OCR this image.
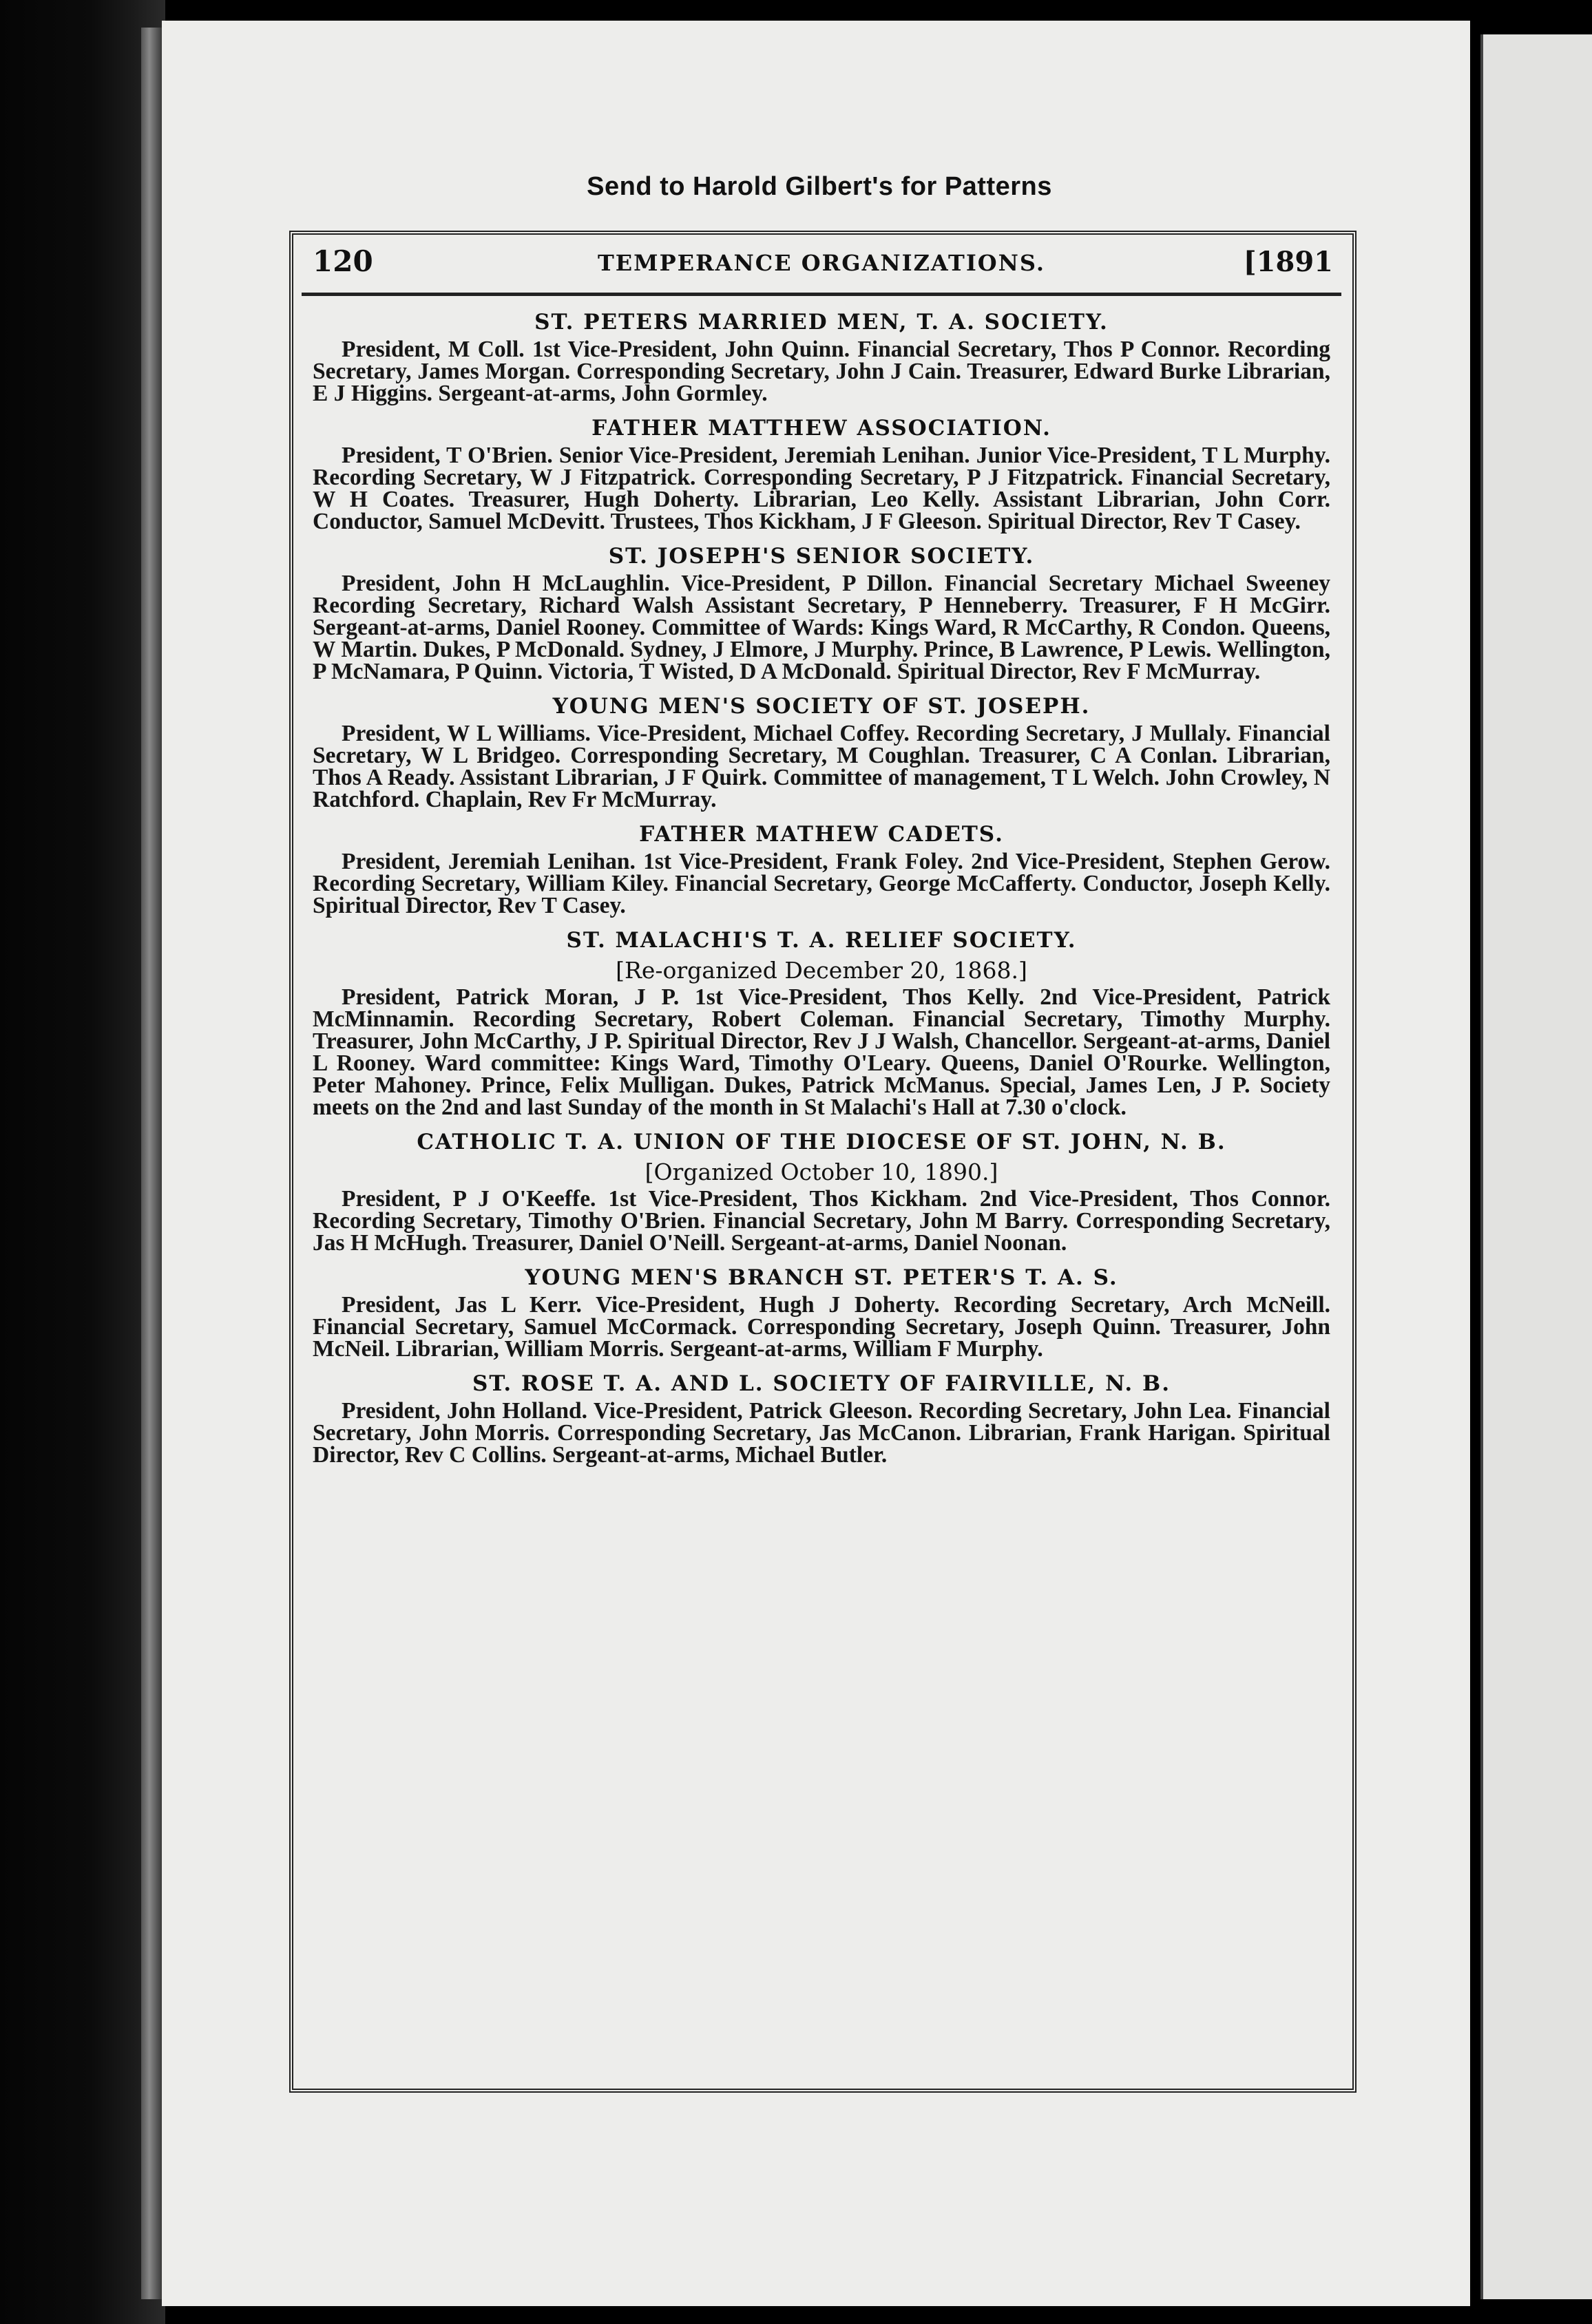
Send to Harold Gilbert's for Patterns
120	TEMPERANCE ORGANIZATIONS.	[1891
ST. PETERS MARRIED MEN, T. A. SOCIETY.
President, M Coll. 1st Vice-President, John Quinn. Financial Secretary, Thos P Connor. Recording Secretary, James Morgan. Corresponding Secretary, John J Cain. Treasurer, Edward Burke Librarian, E J Higgins. Sergeant-at-arms, John Gormley.
FATHER MATTHEW ASSOCIATION.
President, T O'Brien. Senior Vice-President, Jeremiah Lenihan. Junior Vice-President, T L Murphy. Recording Secretary, W J Fitzpatrick. Corresponding Secretary, P J Fitzpatrick. Financial Secretary, W H Coates. Treasurer, Hugh Doherty. Librarian, Leo Kelly. Assistant Librarian, John Corr. Conductor, Samuel McDevitt. Trustees, Thos Kickham, J F Gleeson. Spiritual Director, Rev T Casey.
ST. JOSEPH'S SENIOR SOCIETY.
President, John H McLaughlin. Vice-President, P Dillon. Financial Secretary Michael Sweeney Recording Secretary, Richard Walsh Assistant Secretary, P Henneberry. Treasurer, F H McGirr. Sergeant-at-arms, Daniel Rooney. Committee of Wards: Kings Ward, R McCarthy, R Condon. Queens, W Martin. Dukes, P McDonald. Sydney, J Elmore, J Murphy. Prince, B Lawrence, P Lewis. Wellington, P McNamara, P Quinn. Victoria, T Wisted, D A McDonald. Spiritual Director, Rev F McMurray.
YOUNG MEN'S SOCIETY OF ST. JOSEPH.
President, W L Williams. Vice-President, Michael Coffey. Recording Secretary, J Mullaly. Financial Secretary, W L Bridgeo. Corresponding Secretary, M Coughlan. Treasurer, C A Conlan. Librarian, Thos A Ready. Assistant Librarian, J F Quirk. Committee of management, T L Welch. John Crowley, N Ratchford. Chaplain, Rev Fr McMurray.
FATHER MATHEW CADETS.
President, Jeremiah Lenihan. 1st Vice-President, Frank Foley. 2nd Vice-President, Stephen Gerow. Recording Secretary, William Kiley. Financial Secretary, George McCafferty. Conductor, Joseph Kelly. Spiritual Director, Rev T Casey.
ST. MALACHI'S T. A. RELIEF SOCIETY.
[Re-organized December 20, 1868.]
President, Patrick Moran, J P. 1st Vice-President, Thos Kelly. 2nd Vice-President, Patrick McMinnamin. Recording Secretary, Robert Coleman. Financial Secretary, Timothy Murphy. Treasurer, John McCarthy, J P. Spiritual Director, Rev J J Walsh, Chancellor. Sergeant-at-arms, Daniel L Rooney. Ward committee: Kings Ward, Timothy O'Leary. Queens, Daniel O'Rourke. Wellington, Peter Mahoney. Prince, Felix Mulligan. Dukes, Patrick McManus. Special, James Len, J P. Society meets on the 2nd and last Sunday of the month in St Malachi's Hall at 7.30 o'clock.
CATHOLIC T. A. UNION OF THE DIOCESE OF ST. JOHN, N. B.
[Organized October 10, 1890.]
President, P J O'Keeffe. 1st Vice-President, Thos Kickham. 2nd Vice-President, Thos Connor. Recording Secretary, Timothy O'Brien. Financial Secretary, John M Barry. Corresponding Secretary, Jas H McHugh. Treasurer, Daniel O'Neill. Sergeant-at-arms, Daniel Noonan.
YOUNG MEN'S BRANCH ST. PETER'S T. A. S.
President, Jas L Kerr. Vice-President, Hugh J Doherty. Recording Secretary, Arch McNeill. Financial Secretary, Samuel McCormack. Corresponding Secretary, Joseph Quinn. Treasurer, John McNeil. Librarian, William Morris. Sergeant-at-arms, William F Murphy.
ST. ROSE T. A. AND L. SOCIETY OF FAIRVILLE, N. B.
President, John Holland. Vice-President, Patrick Gleeson. Recording Secretary, John Lea. Financial Secretary, John Morris. Corresponding Secretary, Jas McCanon. Librarian, Frank Harigan. Spiritual Director, Rev C Collins. Sergeant-at-arms, Michael Butler.
